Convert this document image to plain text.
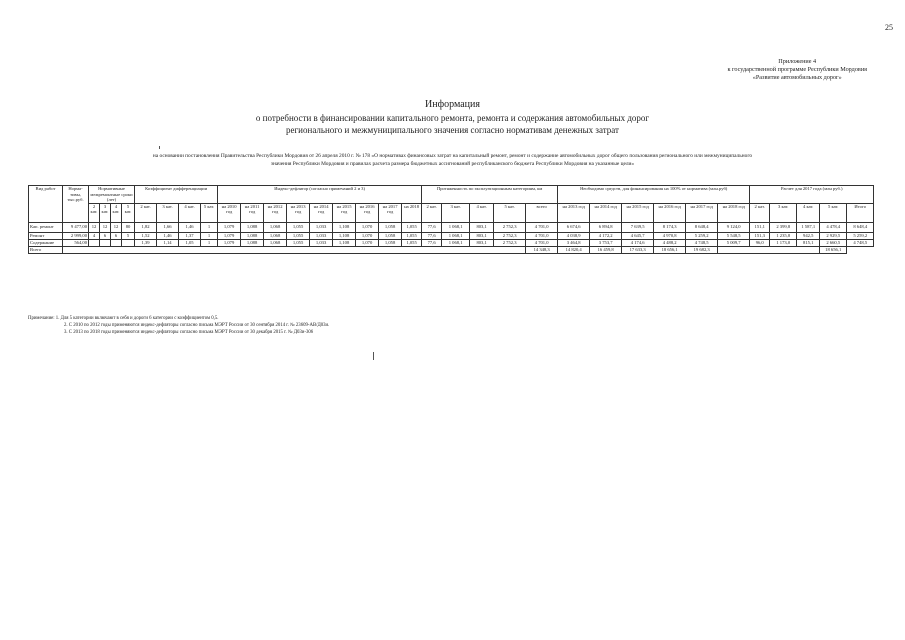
25
Приложение 4
к государственной программе Республики Мордовия
«Развитие автомобильных дорог»
Информация
о потребности в финансировании капитального ремонта, ремонта и содержания автомобильных дорог
регионального и межмуниципального значения согласно нормативам денежных затрат
на основании постановления Правительства Республики Мордовия от 26 апреля 2010 г. № 178 «О нормативах финансовых затрат на капитальный ремонт, ремонт и содержание автомобильных дорог общего пользования регионального или межмуниципального
значения Республики Мордовия и правилах расчета размера бюджетных ассигнований республиканского бюджета Республики Мордовия на указанные цели»
Вид работ	Норма-тивы, тыс.руб.	Нормативные межремонтные сроки (лет)				Коэффициент дифференциации				Индекс-дефлятор (согласно примечаний 2 и 3)									Протяженность по эксплуатационным категориям, км					Необходимо средств, для финансирования на 100% от норматива (млн.руб)						Расчет для 2017 года (млн руб.)				
		2 кат.	3 кат.	4 кат.	5 кат.	2 кат.	3 кат.	4 кат.	5 кат.	на 2010 год	на 2011 год	на 2012 год	на 2013 год	на 2014 год	на 2015 год	на 2016 год	на 2017 год	на 2018	2 кат.	3 кат.	4 кат.	5 кат.	всего	на 2013 год	на 2014 год	на 2015 год	на 2016 год	на 2017 год	на 2018 год	2 кат.	3 кат.	4 кат.	5 кат.	Итого
Кап. ремонт	9 477,00	12	12	12	80	1,82	1,66	1,46	1	1,079	1,088	1,068	1,055	1,033	1,108	1,070	1,058	1,055	77,6	1 068,1	803,1	2 752,3	4 701,0	6 674,6	6 894,8	7 639,5	8 174,3	8 648,4	9 124,0	151,1	2 399,8	1 587,1	4 478,4	8 648,4
Ремонт	2 999,00	4	6	6	5	1,52	1,46	1,37	1	1,079	1,088	1,068	1,055	1,033	1,108	1,070	1,058	1,055	77,6	1 068,1	803,1	2 752,3	4 701,0	4 038,9	4 172,2	4 645,7	4 970,8	5 259,2	5 548,5	151,3	1 235,8	942,5	2 929,5	5 259,2
Содержание	564,00					1,39	1,14	1,05	1	1,079	1,088	1,068	1,055	1,033	1,108	1,070	1,058	1,055	77,6	1 068,1	803,1	2 752,3	4 701,0	3 464,8	3 753,7	4 174,6	4 488,2	4 748,5	5 009,7	96,0	1 173,0	815,1	2 660,5	4 748,5
Всего																							14 348,3	14 820,4	16 459,8	17 633,3	18 656,1	19 682,3					18 656,1	
Примечание: 1. Для 5 категории включают в себя и дороги 6 категории с коэффициентом 0,5.
2. С 2010 по 2012 годы применяются индекс-дефляторы согласно письма МЭРТ России от 30 сентября 2014 г. № 23609-АВ/Д03и.
3. С 2013 по 2018 годы применяются индекс-дефляторы согласно письма МЭРТ России от 30 декабря 2015 г. № Д03и-306
